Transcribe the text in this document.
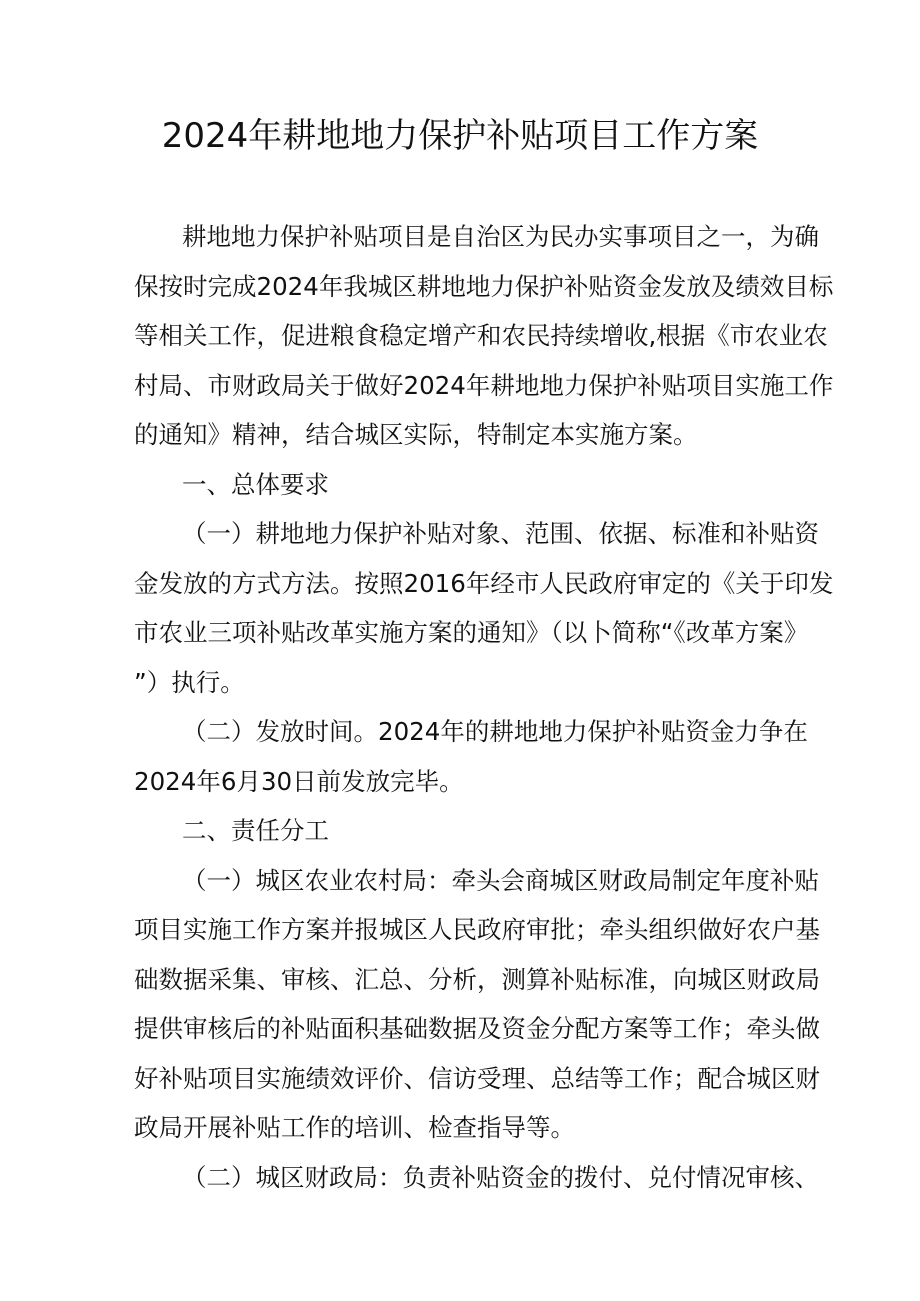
2024年耕地地力保护补贴项目工作方案
耕地地力保护补贴项目是自治区为民办实事项目之一，为确
保按时完成2024年我城区耕地地力保护补贴资金发放及绩效目标
等相关工作，促进粮食稳定增产和农民持续增收,根据《市农业农
村局、市财政局关于做好2024年耕地地力保护补贴项目实施工作
的通知》精神，结合城区实际，特制定本实施方案。
一、总体要求
（一）耕地地力保护补贴对象、范围、依据、标准和补贴资
金发放的方式方法。按照2016年经市人民政府审定的《关于印发
市农业三项补贴改革实施方案的通知》（以卜简称“《改革方案》
”）执行。
（二）发放时间。2024年的耕地地力保护补贴资金力争在
2024年6月30日前发放完毕。
二、责任分工
（一）城区农业农村局：牵头会商城区财政局制定年度补贴
项目实施工作方案并报城区人民政府审批；牵头组织做好农户基
础数据采集、审核、汇总、分析，测算补贴标准，向城区财政局
提供审核后的补贴面积基础数据及资金分配方案等工作；牵头做
好补贴项目实施绩效评价、信访受理、总结等工作；配合城区财
政局开展补贴工作的培训、检查指导等。
（二）城区财政局：负责补贴资金的拨付、兑付情况审核、
